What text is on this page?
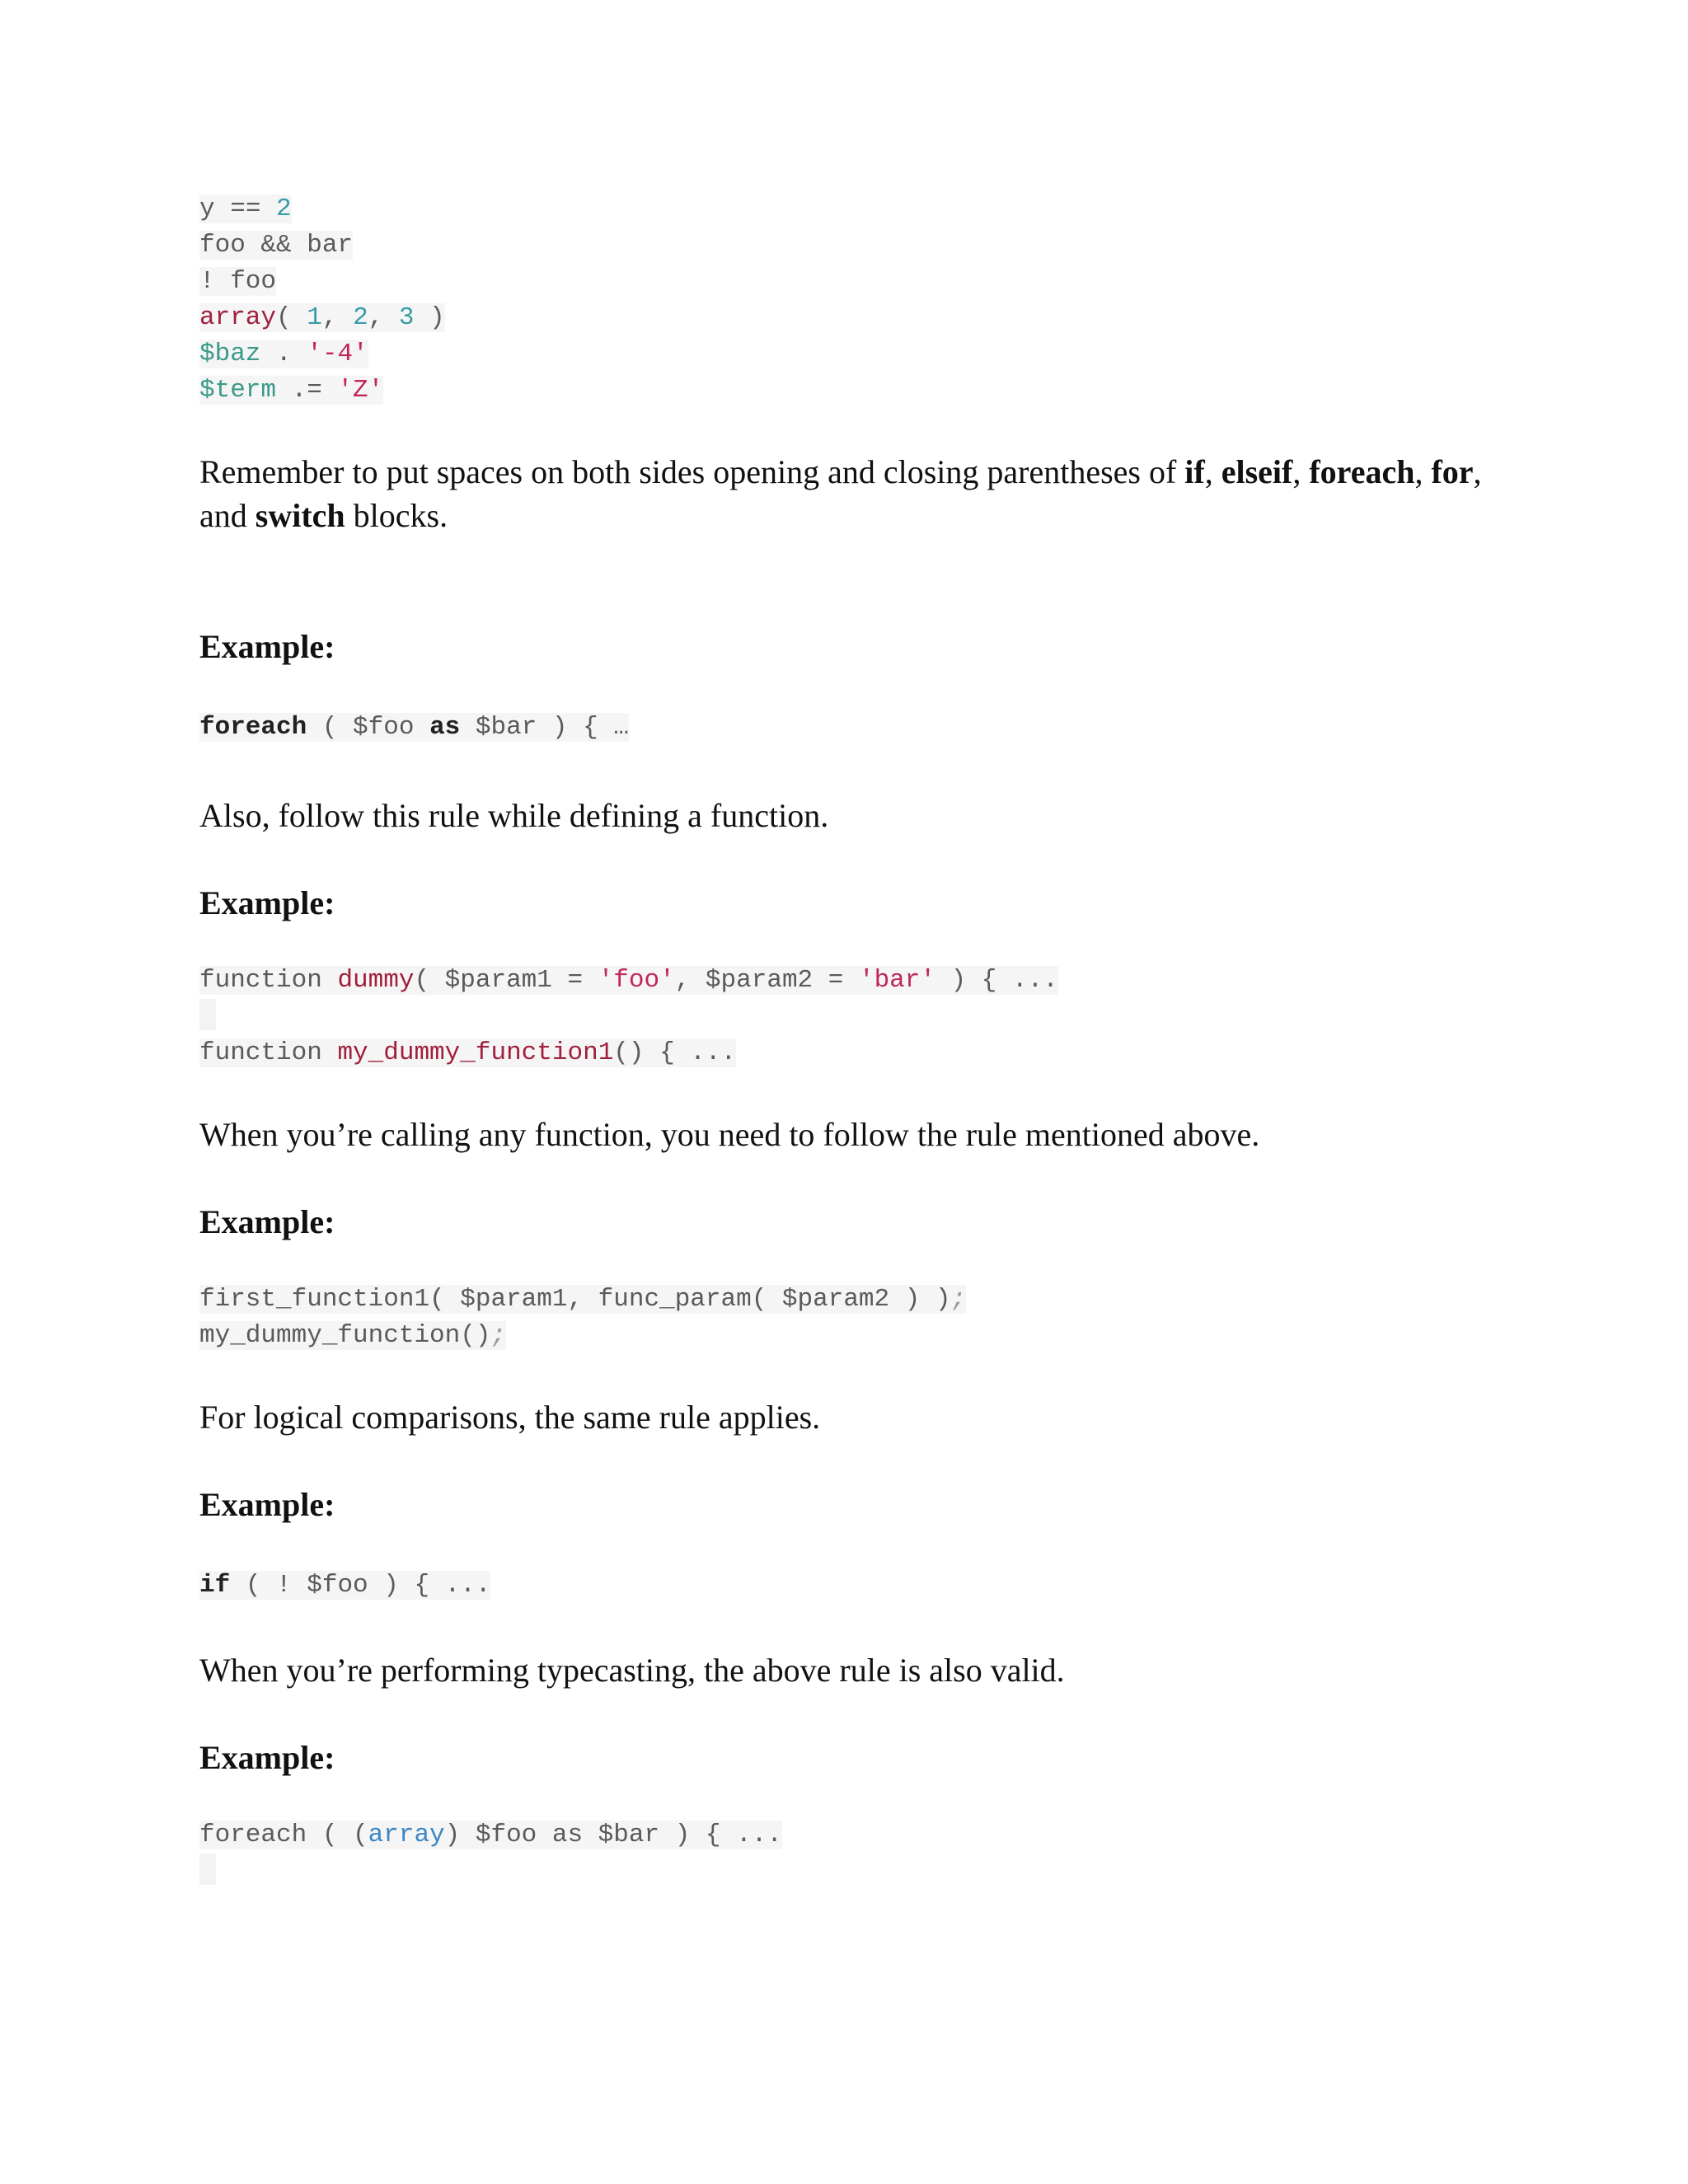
y == 2
foo && bar
! foo
array( 1, 2, 3 )
$baz . '-4'
$term .= 'Z'

Remember to put spaces on both sides opening and closing parentheses of if, elseif, foreach, for,
and switch blocks.

Example:

foreach ( $foo as $bar ) { …

Also, follow this rule while defining a function.

Example:

function dummy( $param1 = 'foo', $param2 = 'bar' ) { ...
function my_dummy_function1() { ...

When you’re calling any function, you need to follow the rule mentioned above.

Example:

first_function1( $param1, func_param( $param2 ) );
my_dummy_function();

For logical comparisons, the same rule applies.

Example:

if ( ! $foo ) { ...

When you’re performing typecasting, the above rule is also valid.

Example:

foreach ( (array) $foo as $bar ) { ...
